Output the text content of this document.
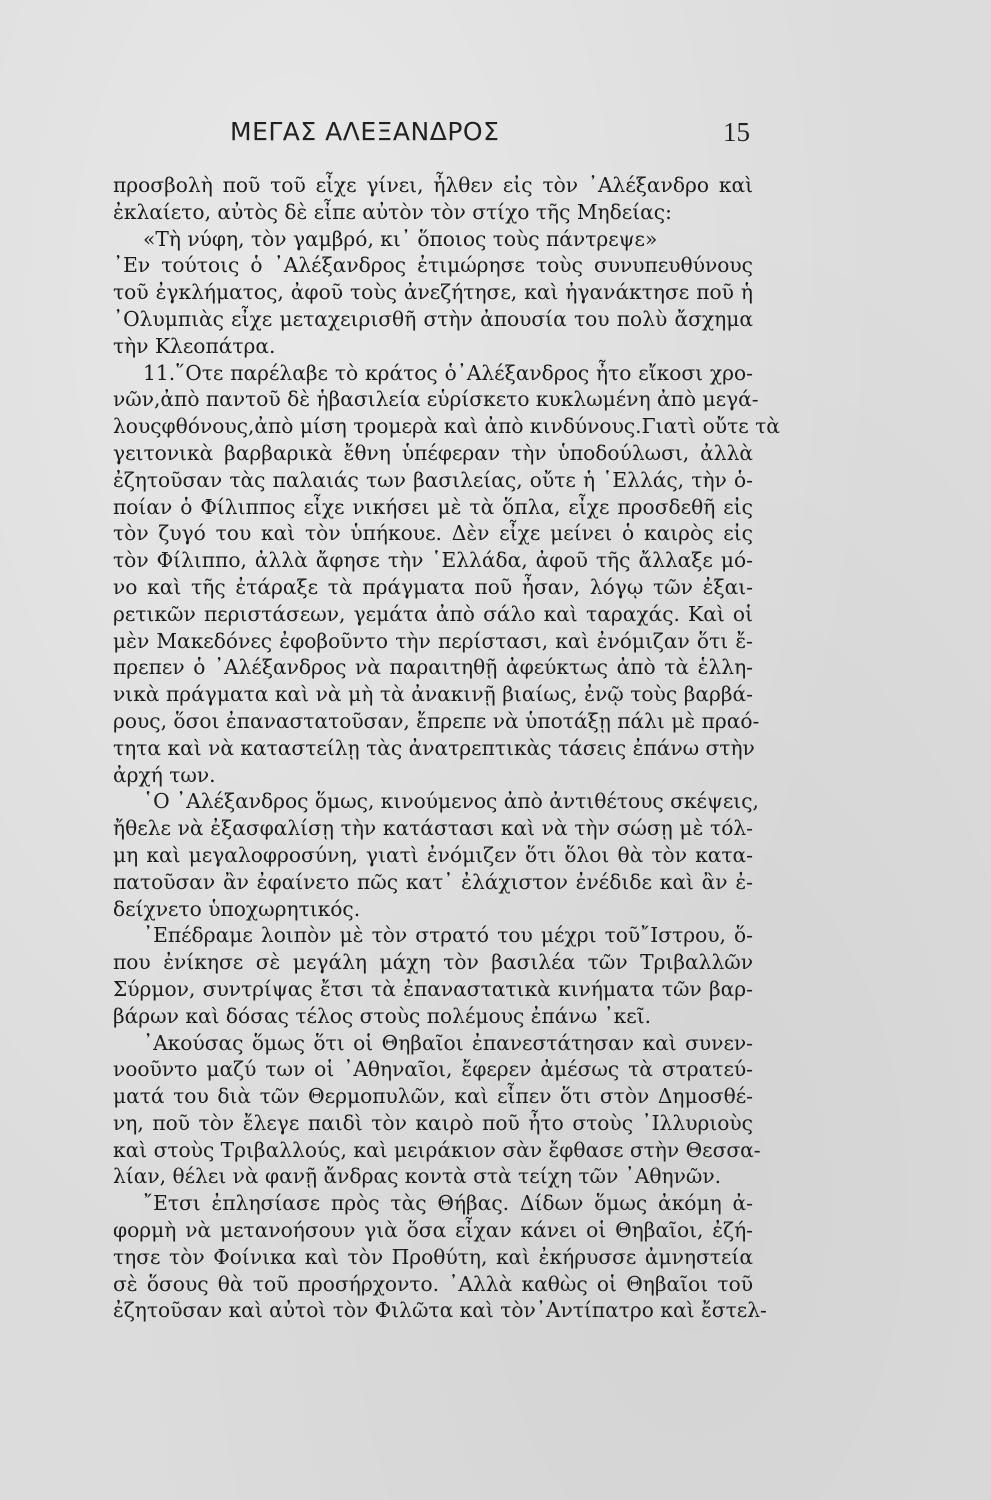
ΜΕΓΑΣ ΑΛΕΞΑΝΔΡΟΣ	15
προσβολὴ ποῦ τοῦ εἶχε γίνει, ἦλθεν εἰς τὸν ᾿Αλέξανδρο καὶ
ἐκλαίετο, αὐτὸς δὲ εἶπε αὐτὸν τὸν στίχο τῆς Μηδείας:
«Τὴ νύφη, τὸν γαμβρό, κι᾿ ὅποιος τοὺς πάντρεψε»
᾿Εν τούτοις ὁ ᾿Αλέξανδρος ἐτιμώρησε τοὺς συνυπευθύνους
τοῦ ἐγκλήματος, ἀφοῦ τοὺς ἀνεζήτησε, καὶ ἠγανάκτησε ποῦ ἡ
᾿Ολυμπιὰς εἶχε μεταχειρισθῆ στὴν ἀπουσία του πολὺ ἄσχημα
τὴν Κλεοπάτρα.
11.῞Οτε παρέλαβε τὸ κράτος ὁ᾿Αλέξανδρος ἦτο εἴκοσι χρο-
νῶν,ἀπὸ παντοῦ δὲ ἡβασιλεία εὑρίσκετο κυκλωμένη ἀπὸ μεγά-
λουςφθόνους,ἀπὸ μίση τρομερὰ καὶ ἀπὸ κινδύνους.Γιατὶ οὔτε τὰ
γειτονικὰ βαρβαρικὰ ἔθνη ὑπέφεραν τὴν ὑποδούλωσι, ἀλλὰ
ἐζητοῦσαν τὰς παλαιάς των βασιλείας, οὔτε ἡ ῾Ελλάς, τὴν ὁ-
ποίαν ὁ Φίλιππος εἶχε νικήσει μὲ τὰ ὅπλα, εἶχε προσδεθῆ εἰς
τὸν ζυγό του καὶ τὸν ὑπήκουε. Δὲν εἶχε μείνει ὁ καιρὸς εἰς
τὸν Φίλιππο, ἀλλὰ ἄφησε τὴν ῾Ελλάδα, ἀφοῦ τῆς ἄλλαξε μό-
νο καὶ τῆς ἐτάραξε τὰ πράγματα ποῦ ἦσαν, λόγῳ τῶν ἐξαι-
ρετικῶν περιστάσεων, γεμάτα ἀπὸ σάλο καὶ ταραχάς. Καὶ οἱ
μὲν Μακεδόνες ἐφοβοῦντο τὴν περίστασι, καὶ ἐνόμιζαν ὅτι ἔ-
πρεπεν ὁ ᾿Αλέξανδρος νὰ παραιτηθῇ ἀφεύκτως ἀπὸ τὰ ἑλλη-
νικὰ πράγματα καὶ νὰ μὴ τὰ ἀνακινῇ βιαίως, ἐνῷ τοὺς βαρβά-
ρους, ὅσοι ἐπαναστατοῦσαν, ἔπρεπε νὰ ὑποτάξῃ πάλι μὲ πραό-
τητα καὶ νὰ καταστείλῃ τὰς ἀνατρεπτικὰς τάσεις ἐπάνω στὴν
ἀρχή των.
῾Ο ᾿Αλέξανδρος ὅμως, κινούμενος ἀπὸ ἀντιθέτους σκέψεις,
ἤθελε νὰ ἐξασφαλίσῃ τὴν κατάστασι καὶ νὰ τὴν σώσῃ μὲ τόλ-
μη καὶ μεγαλοφροσύνη, γιατὶ ἐνόμιζεν ὅτι ὅλοι θὰ τὸν κατα-
πατοῦσαν ἂν ἐφαίνετο πῶς κατ᾿ ἐλάχιστον ἐνέδιδε καὶ ἂν ἐ-
δείχνετο ὑποχωρητικός.
᾿Επέδραμε λοιπὸν μὲ τὸν στρατό του μέχρι τοῦ῎Ιστρου, ὅ-
που ἐνίκησε σὲ μεγάλη μάχη τὸν βασιλέα τῶν Τριβαλλῶν
Σύρμον, συντρίψας ἔτσι τὰ ἐπαναστατικὰ κινήματα τῶν βαρ-
βάρων καὶ δόσας τέλος στοὺς πολέμους ἐπάνω ᾿κεῖ.
᾿Ακούσας ὅμως ὅτι οἱ Θηβαῖοι ἐπανεστάτησαν καὶ συνεν-
νοοῦντο μαζύ των οἱ ᾿Αθηναῖοι, ἔφερεν ἀμέσως τὰ στρατεύ-
ματά του διὰ τῶν Θερμοπυλῶν, καὶ εἶπεν ὅτι στὸν Δημοσθέ-
νη, ποῦ τὸν ἔλεγε παιδὶ τὸν καιρὸ ποῦ ἦτο στοὺς ᾿Ιλλυριοὺς
καὶ στοὺς Τριβαλλούς, καὶ μειράκιον σὰν ἔφθασε στὴν Θεσσα-
λίαν, θέλει νὰ φανῇ ἄνδρας κοντὰ στὰ τείχη τῶν ᾿Αθηνῶν.
῎Ετσι ἐπλησίασε πρὸς τὰς Θήβας. Δίδων ὅμως ἀκόμη ἀ-
φορμὴ νὰ μετανοήσουν γιὰ ὅσα εἶχαν κάνει οἱ Θηβαῖοι, ἐζή-
τησε τὸν Φοίνικα καὶ τὸν Προθύτη, καὶ ἐκήρυσσε ἀμνηστεία
σὲ ὅσους θὰ τοῦ προσήρχοντο. ᾿Αλλὰ καθὼς οἱ Θηβαῖοι τοῦ
ἐζητοῦσαν καὶ αὐτοὶ τὸν Φιλῶτα καὶ τὸν᾿Αντίπατρο καὶ ἔστελ-
